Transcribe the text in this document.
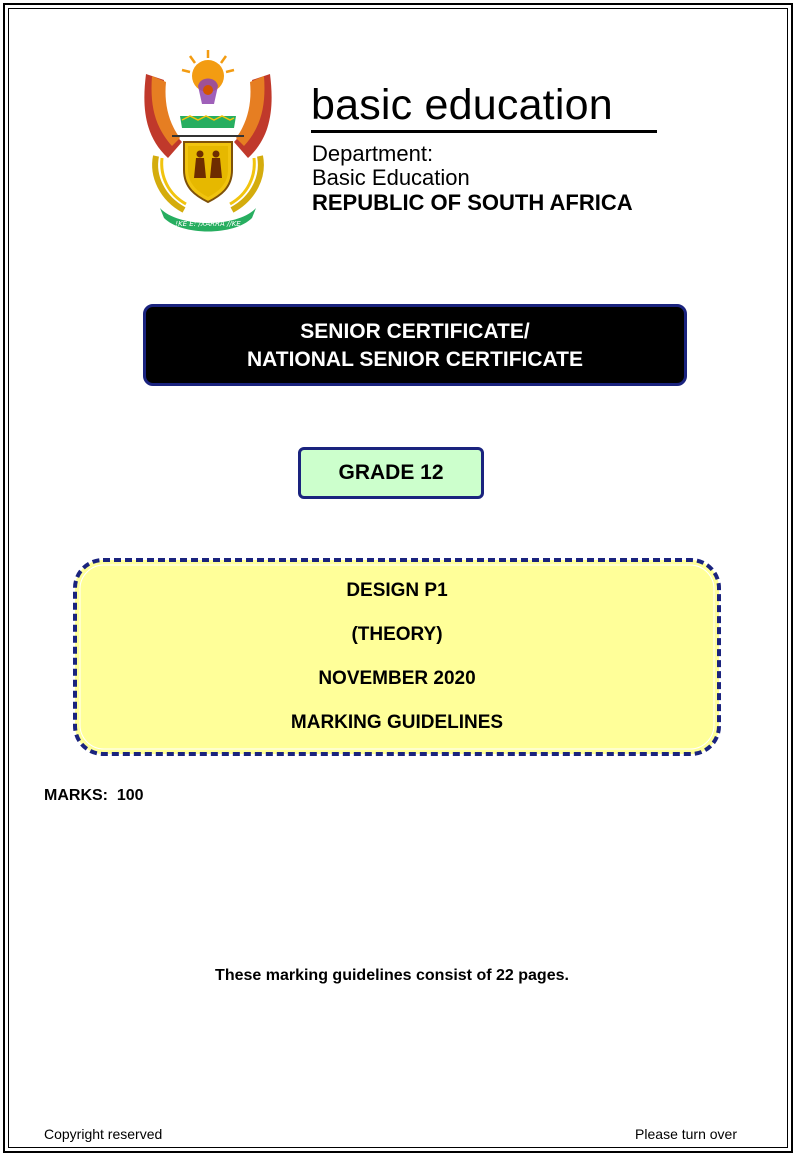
!KE E: /XARRA //KE
basic education
Department:
Basic Education
REPUBLIC OF SOUTH AFRICA
SENIOR CERTIFICATE/
NATIONAL SENIOR CERTIFICATE
GRADE 12
DESIGN P1
(THEORY)
NOVEMBER 2020
MARKING GUIDELINES
MARKS:  100
These marking guidelines consist of 22 pages.
Copyright reserved	Please turn over
